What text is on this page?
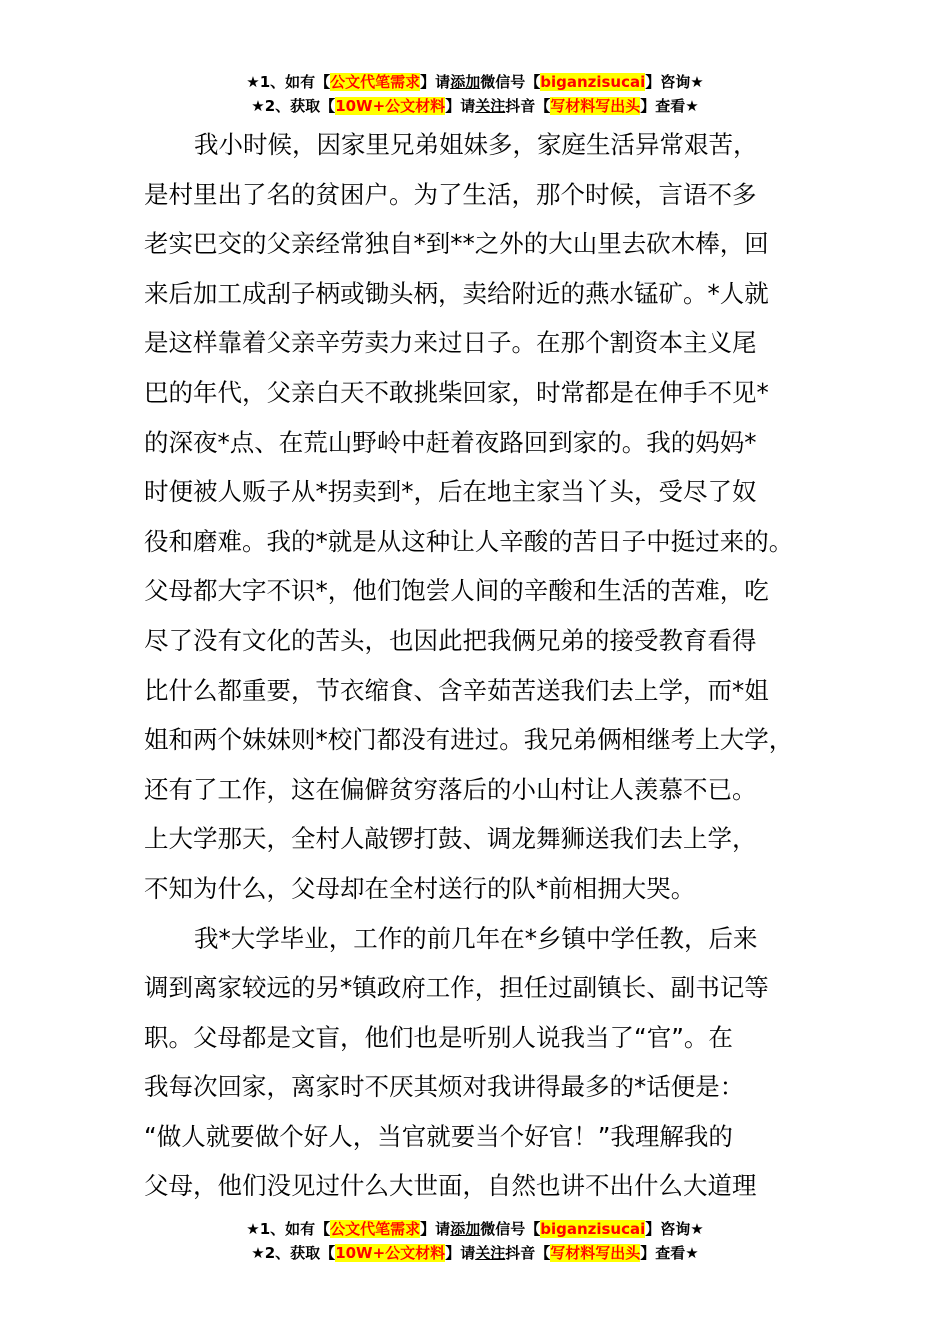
★1、如有【公文代笔需求】请添加微信号【biganzisucai】咨询★
★2、获取【10W+公文材料】请关注抖音【写材料写出头】查看★
我小时候，因家里兄弟姐妹多，家庭生活异常艰苦，
是村里出了名的贫困户。为了生活，那个时候，言语不多
老实巴交的父亲经常独自*到**之外的大山里去砍木棒，回
来后加工成刮子柄或锄头柄，卖给附近的燕水锰矿。*人就
是这样靠着父亲辛劳卖力来过日子。在那个割资本主义尾
巴的年代，父亲白天不敢挑柴回家，时常都是在伸手不见*
的深夜*点、在荒山野岭中赶着夜路回到家的。我的妈妈*
时便被人贩子从*拐卖到*，后在地主家当丫头，受尽了奴
役和磨难。我的*就是从这种让人辛酸的苦日子中挺过来的。
父母都大字不识*，他们饱尝人间的辛酸和生活的苦难，吃
尽了没有文化的苦头，也因此把我俩兄弟的接受教育看得
比什么都重要，节衣缩食、含辛茹苦送我们去上学，而*姐
姐和两个妹妹则*校门都没有进过。我兄弟俩相继考上大学，
还有了工作，这在偏僻贫穷落后的小山村让人羡慕不已。
上大学那天，全村人敲锣打鼓、调龙舞狮送我们去上学，
不知为什么，父母却在全村送行的队*前相拥大哭。
我*大学毕业，工作的前几年在*乡镇中学任教，后来
调到离家较远的另*镇政府工作，担任过副镇长、副书记等
职。父母都是文盲，他们也是听别人说我当了“官”。在
我每次回家，离家时不厌其烦对我讲得最多的*话便是：
“做人就要做个好人，当官就要当个好官！”我理解我的
父母，他们没见过什么大世面，自然也讲不出什么大道理
★1、如有【公文代笔需求】请添加微信号【biganzisucai】咨询★
★2、获取【10W+公文材料】请关注抖音【写材料写出头】查看★
